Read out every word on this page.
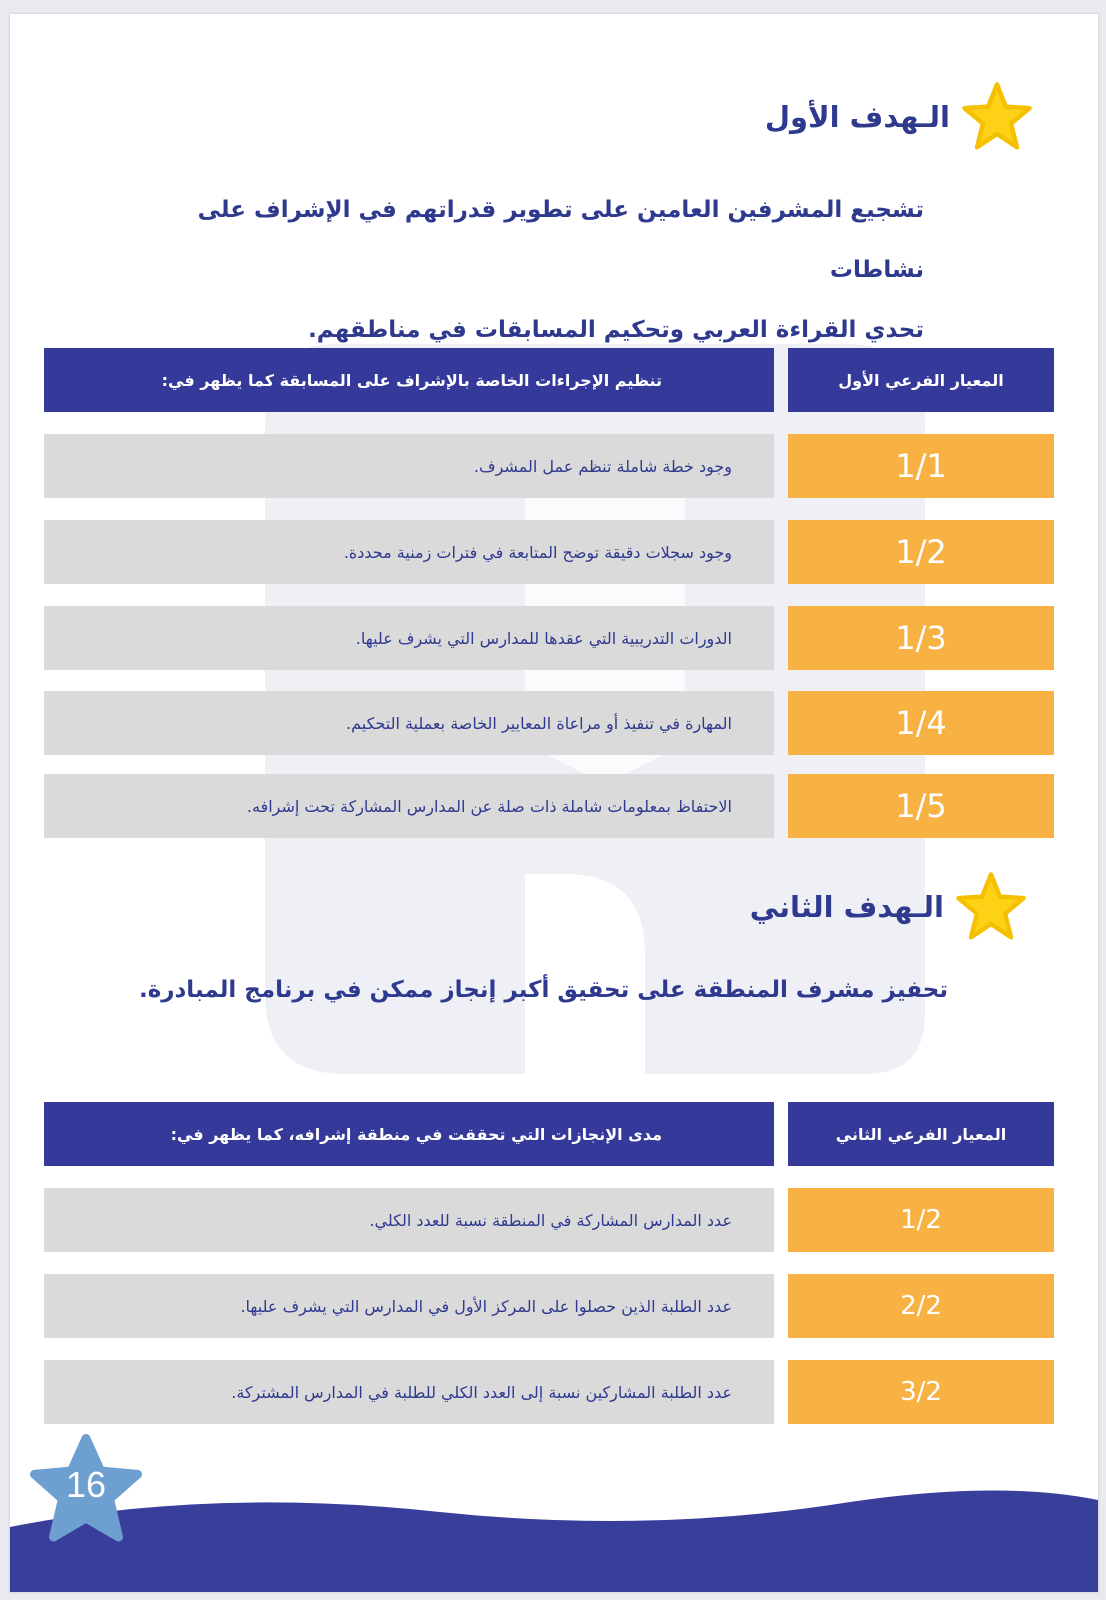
الـهدف الأول
تشجيع المشرفين العامين على تطوير قدراتهم في الإشراف على نشاطات
تحدي القراءة العربي وتحكيم المسابقات في مناطقهم.
تنظيم الإجراءات الخاصة بالإشراف على المسابقة كما يظهر في:	المعيار الفرعي الأول
وجود خطة شاملة تنظم عمل المشرف.	1/1
وجود سجلات دقيقة توضح المتابعة في فترات زمنية محددة.	1/2
الدورات التدريبية التي عقدها للمدارس التي يشرف عليها.	1/3
المهارة في تنفيذ أو مراعاة المعايير الخاصة بعملية التحكيم.	1/4
الاحتفاظ بمعلومات شاملة ذات صلة عن المدارس المشاركة تحت إشرافه.	1/5
الـهدف الثاني
تحفيز مشرف المنطقة على تحقيق أكبر إنجاز ممكن في برنامج المبادرة.
مدى الإنجازات التي تحققت في منطقة إشرافه، كما يظهر في:	المعيار الفرعي الثاني
عدد المدارس المشاركة في المنطقة نسبة للعدد الكلي.	1/2
عدد الطلبة الذين حصلوا على المركز الأول في المدارس التي يشرف عليها.	2/2
عدد الطلبة المشاركين نسبة إلى العدد الكلي للطلبة في المدارس المشتركة.	3/2
16
